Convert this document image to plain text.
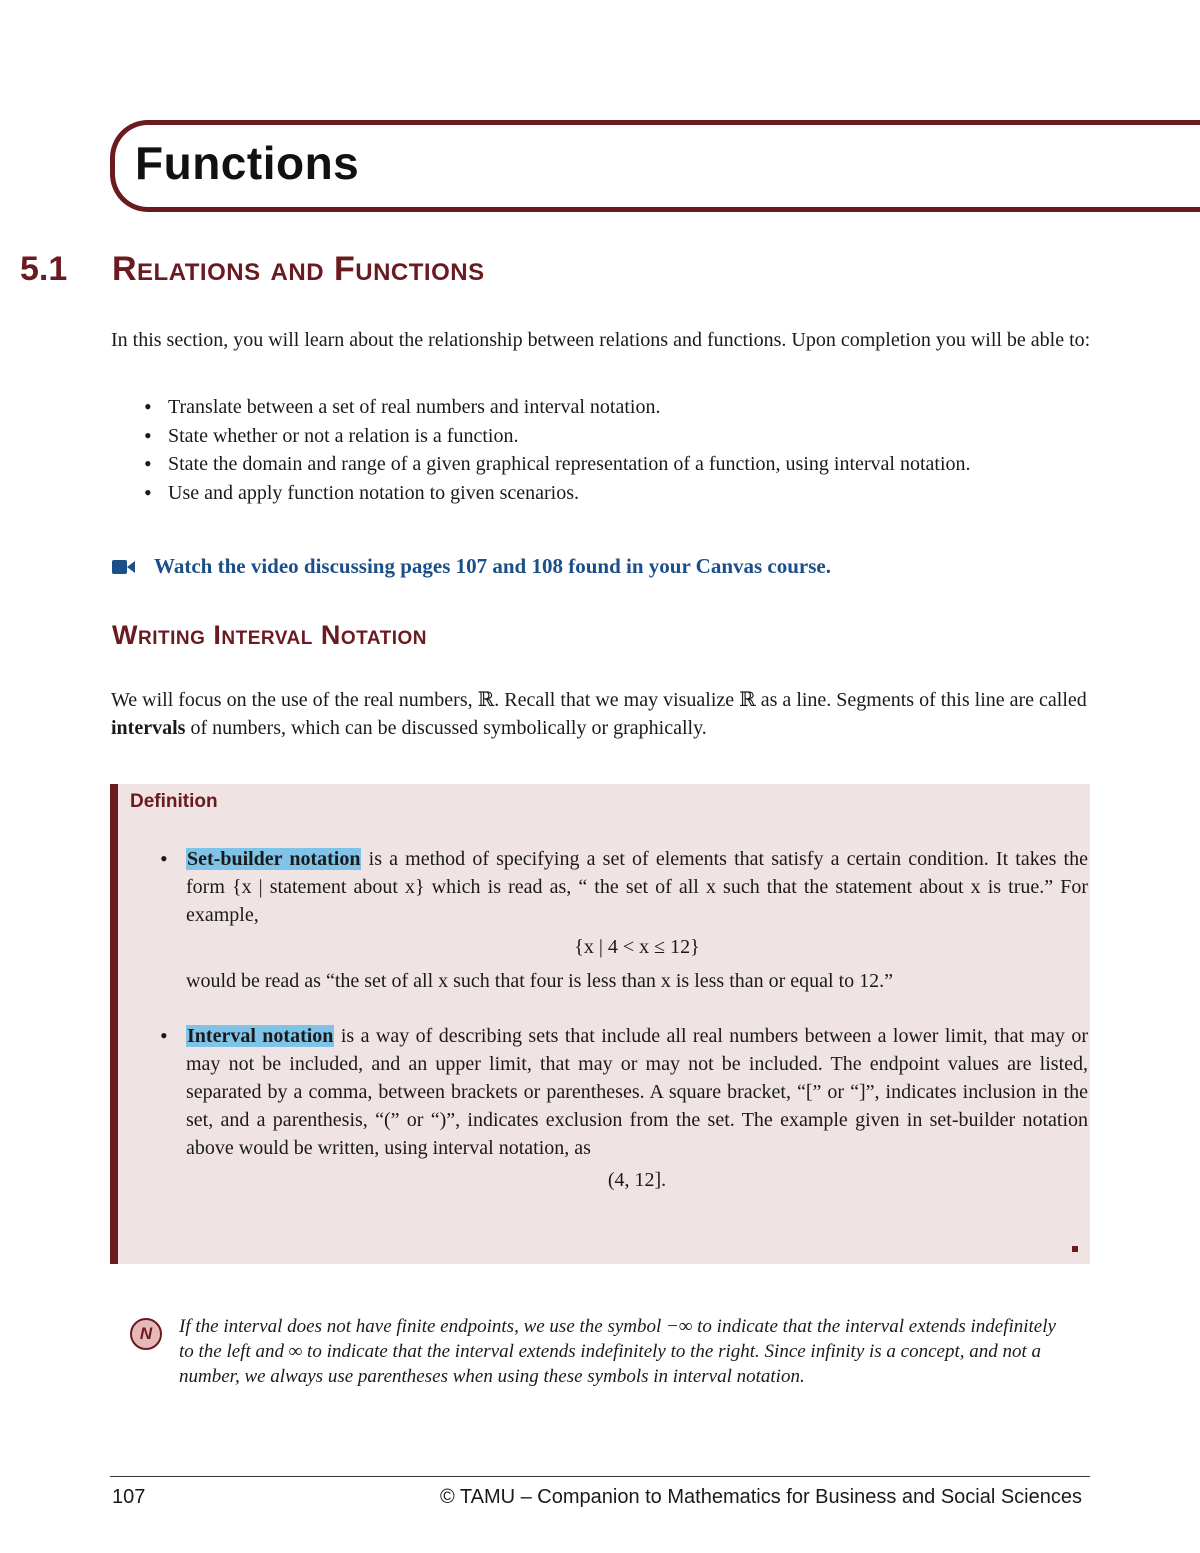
Functions
5.1 Relations and Functions
In this section, you will learn about the relationship between relations and functions. Upon completion you will be able to:
• Translate between a set of real numbers and interval notation.
• State whether or not a relation is a function.
• State the domain and range of a given graphical representation of a function, using interval notation.
• Use and apply function notation to given scenarios.
Watch the video discussing pages 107 and 108 found in your Canvas course.
Writing Interval Notation
We will focus on the use of the real numbers, ℝ. Recall that we may visualize ℝ as a line. Segments of this line are called intervals of numbers, which can be discussed symbolically or graphically.
Definition
• Set-builder notation is a method of specifying a set of elements that satisfy a certain condition. It takes the form {x | statement about x} which is read as, “ the set of all x such that the statement about x is true.” For example,
{x | 4 < x ≤ 12}
would be read as “the set of all x such that four is less than x is less than or equal to 12.”
• Interval notation is a way of describing sets that include all real numbers between a lower limit, that may or may not be included, and an upper limit, that may or may not be included. The endpoint values are listed, separated by a comma, between brackets or parentheses. A square bracket, “[” or “]”, indicates inclusion in the set, and a parenthesis, “(” or “)”, indicates exclusion from the set. The example given in set-builder notation above would be written, using interval notation, as
(4, 12].
N	If the interval does not have finite endpoints, we use the symbol −∞ to indicate that the interval extends indefinitely to the left and ∞ to indicate that the interval extends indefinitely to the right. Since infinity is a concept, and not a number, we always use parentheses when using these symbols in interval notation.
107	© TAMU – Companion to Mathematics for Business and Social Sciences
